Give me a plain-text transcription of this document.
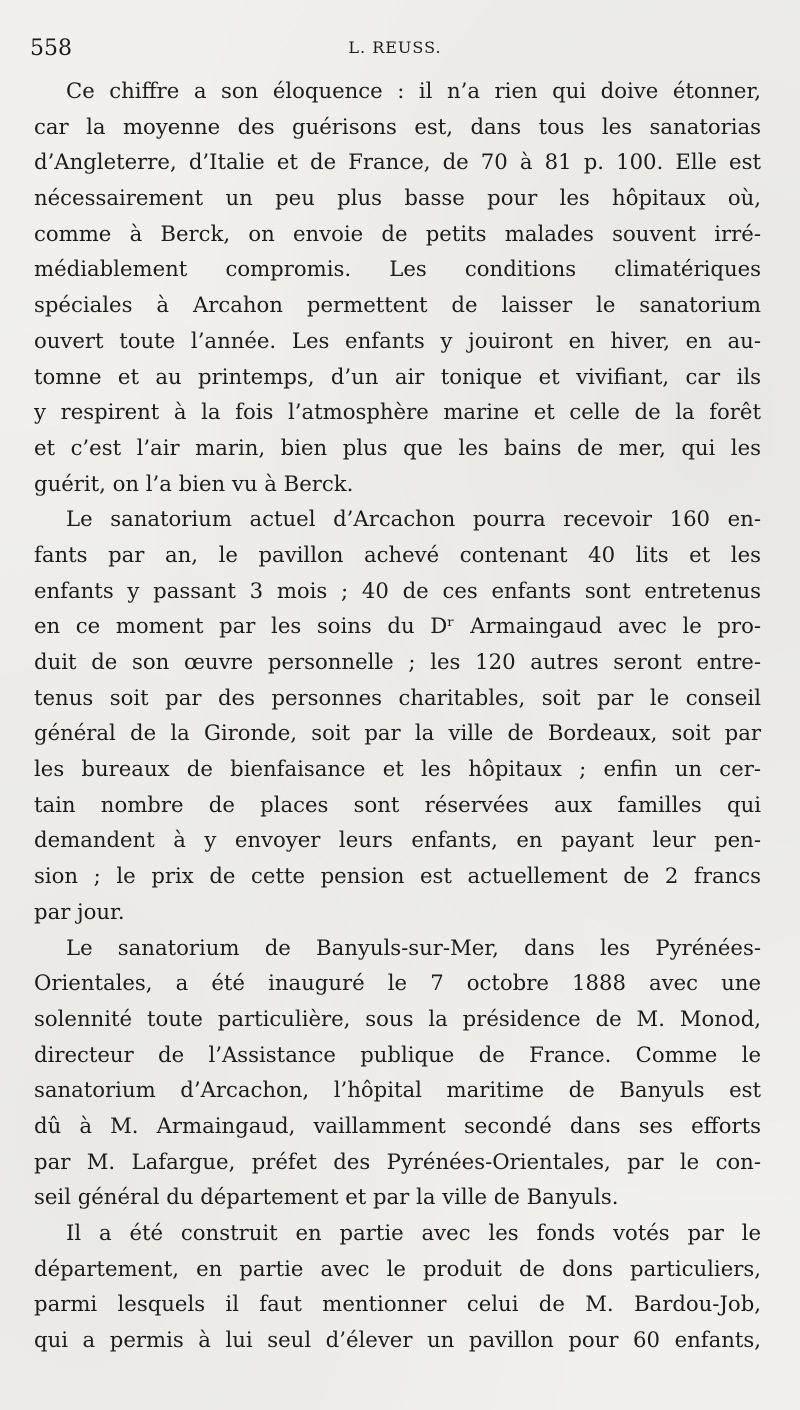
558	L. REUSS.
Ce chiffre a son éloquence : il n’a rien qui doive étonner,
car la moyenne des guérisons est, dans tous les sanatorias
d’Angleterre, d’Italie et de France, de 70 à 81 p. 100. Elle est
nécessairement un peu plus basse pour les hôpitaux où,
comme à Berck, on envoie de petits malades souvent irré-
médiablement compromis. Les conditions climatériques
spéciales à Arcahon permettent de laisser le sanatorium
ouvert toute l’année. Les enfants y jouiront en hiver, en au-
tomne et au printemps, d’un air tonique et vivifiant, car ils
y respirent à la fois l’atmosphère marine et celle de la forêt
et c’est l’air marin, bien plus que les bains de mer, qui les
guérit, on l’a bien vu à Berck.
Le sanatorium actuel d’Arcachon pourra recevoir 160 en-
fants par an, le pavillon achevé contenant 40 lits et les
enfants y passant 3 mois ; 40 de ces enfants sont entretenus
en ce moment par les soins du Dʳ Armaingaud avec le pro-
duit de son œuvre personnelle ; les 120 autres seront entre-
tenus soit par des personnes charitables, soit par le conseil
général de la Gironde, soit par la ville de Bordeaux, soit par
les bureaux de bienfaisance et les hôpitaux ; enfin un cer-
tain nombre de places sont réservées aux familles qui
demandent à y envoyer leurs enfants, en payant leur pen-
sion ; le prix de cette pension est actuellement de 2 francs
par jour.
Le sanatorium de Banyuls-sur-Mer, dans les Pyrénées-
Orientales, a été inauguré le 7 octobre 1888 avec une
solennité toute particulière, sous la présidence de M. Monod,
directeur de l’Assistance publique de France. Comme le
sanatorium d’Arcachon, l’hôpital maritime de Banyuls est
dû à M. Armaingaud, vaillamment secondé dans ses efforts
par M. Lafargue, préfet des Pyrénées-Orientales, par le con-
seil général du département et par la ville de Banyuls.
Il a été construit en partie avec les fonds votés par le
département, en partie avec le produit de dons particuliers,
parmi lesquels il faut mentionner celui de M. Bardou-Job,
qui a permis à lui seul d’élever un pavillon pour 60 enfants,
